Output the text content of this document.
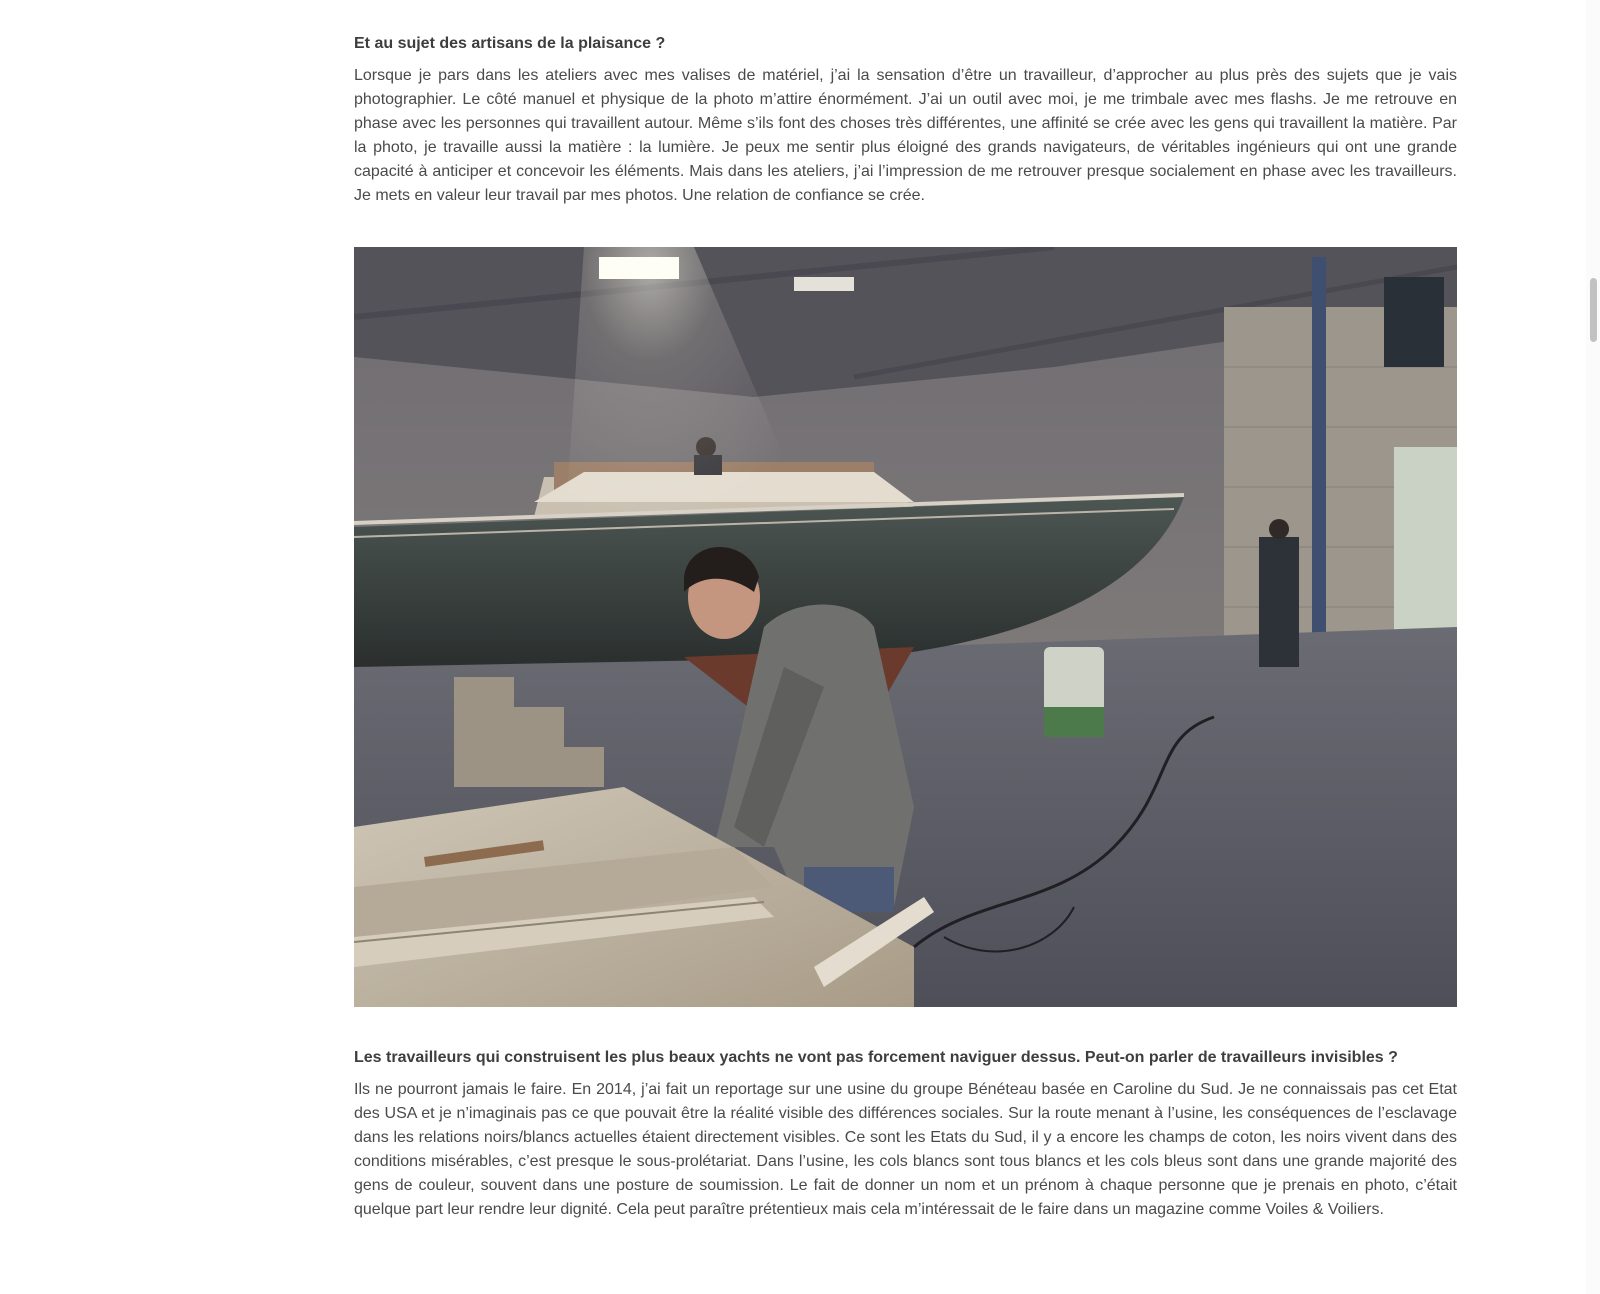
Et au sujet des artisans de la plaisance ?

Lorsque je pars dans les ateliers avec mes valises de matériel, j’ai la sensation d’être un travailleur, d’approcher au plus près des sujets que je vais photographier. Le côté manuel et physique de la photo m’attire énormément. J’ai un outil avec moi, je me trimbale avec mes flashs. Je me retrouve en phase avec les personnes qui travaillent autour. Même s’ils font des choses très différentes, une affinité se crée avec les gens qui travaillent la matière. Par la photo, je travaille aussi la matière : la lumière. Je peux me sentir plus éloigné des grands navigateurs, de véritables ingénieurs qui ont une grande capacité à anticiper et concevoir les éléments. Mais dans les ateliers, j’ai l’impression de me retrouver presque socialement en phase avec les travailleurs. Je mets en valeur leur travail par mes photos. Une relation de confiance se crée.

Les travailleurs qui construisent les plus beaux yachts ne vont pas forcement naviguer dessus. Peut-on parler de travailleurs invisibles ?

Ils ne pourront jamais le faire. En 2014, j’ai fait un reportage sur une usine du groupe Bénéteau basée en Caroline du Sud. Je ne connaissais pas cet Etat des USA et je n’imaginais pas ce que pouvait être la réalité visible des différences sociales. Sur la route menant à l’usine, les conséquences de l’esclavage dans les relations noirs/blancs actuelles étaient directement visibles. Ce sont les Etats du Sud, il y a encore les champs de coton, les noirs vivent dans des conditions misérables, c’est presque le sous-prolétariat. Dans l’usine, les cols blancs sont tous blancs et les cols bleus sont dans une grande majorité des gens de couleur, souvent dans une posture de soumission. Le fait de donner un nom et un prénom à chaque personne que je prenais en photo, c’était quelque part leur rendre leur dignité. Cela peut paraître prétentieux mais cela m’intéressait de le faire dans un magazine comme Voiles & Voiliers.
